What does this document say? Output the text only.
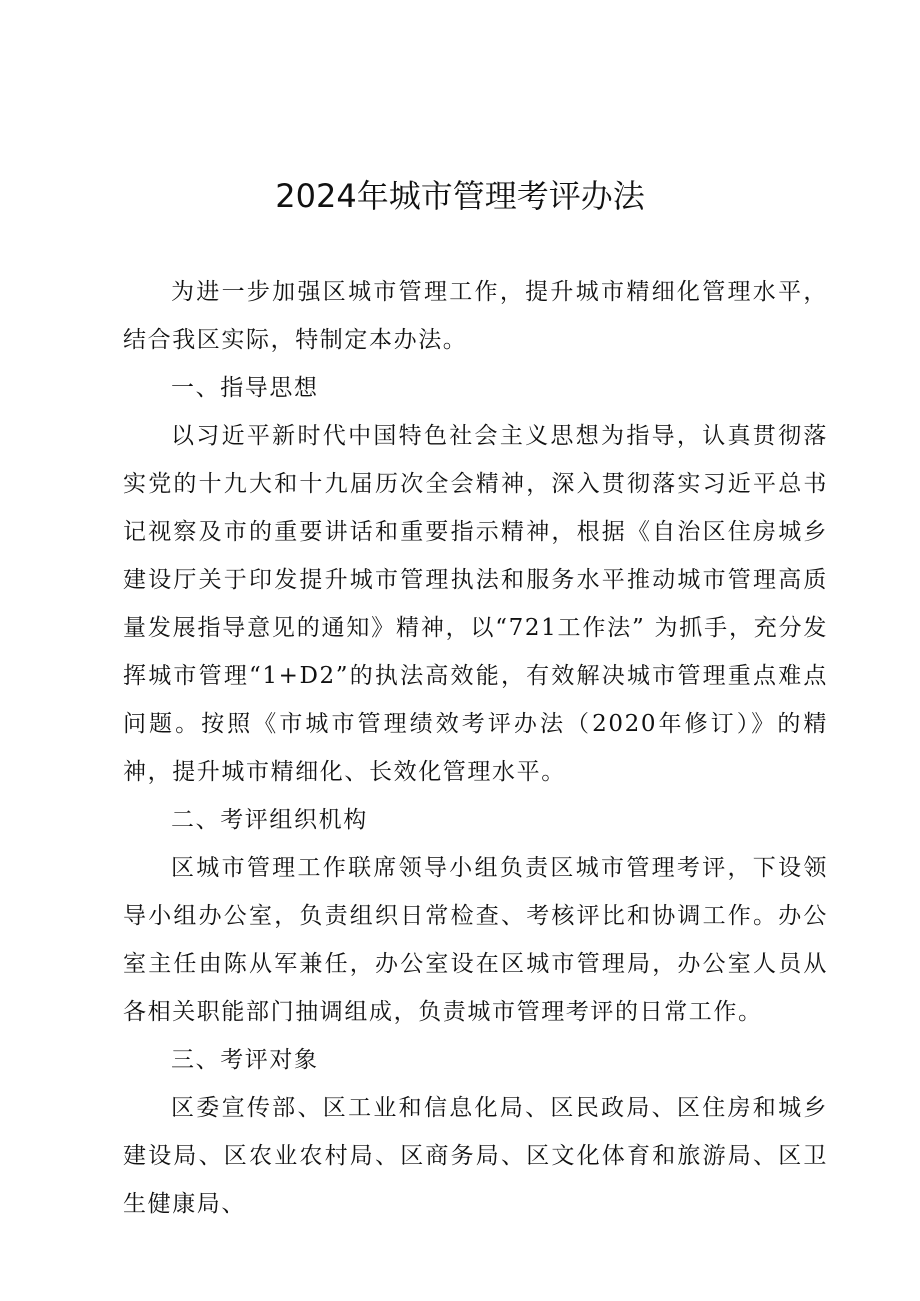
2024年城市管理考评办法

为进一步加强区城市管理工作，提升城市精细化管理水平，结合我区实际，特制定本办法。

一、指导思想

以习近平新时代中国特色社会主义思想为指导，认真贯彻落实党的十九大和十九届历次全会精神，深入贯彻落实习近平总书记视察及市的重要讲话和重要指示精神，根据《自治区住房城乡建设厅关于印发提升城市管理执法和服务水平推动城市管理高质量发展指导意见的通知》精神，以“721工作法” 为抓手，充分发挥城市管理“1+D2”的执法高效能，有效解决城市管理重点难点问题。按照《市城市管理绩效考评办法（2020年修订）》的精神，提升城市精细化、长效化管理水平。

二、考评组织机构

区城市管理工作联席领导小组负责区城市管理考评，下设领导小组办公室，负责组织日常检查、考核评比和协调工作。办公室主任由陈从军兼任，办公室设在区城市管理局，办公室人员从各相关职能部门抽调组成，负责城市管理考评的日常工作。

三、考评对象

区委宣传部、区工业和信息化局、区民政局、区住房和城乡建设局、区农业农村局、区商务局、区文化体育和旅游局、区卫生健康局、
